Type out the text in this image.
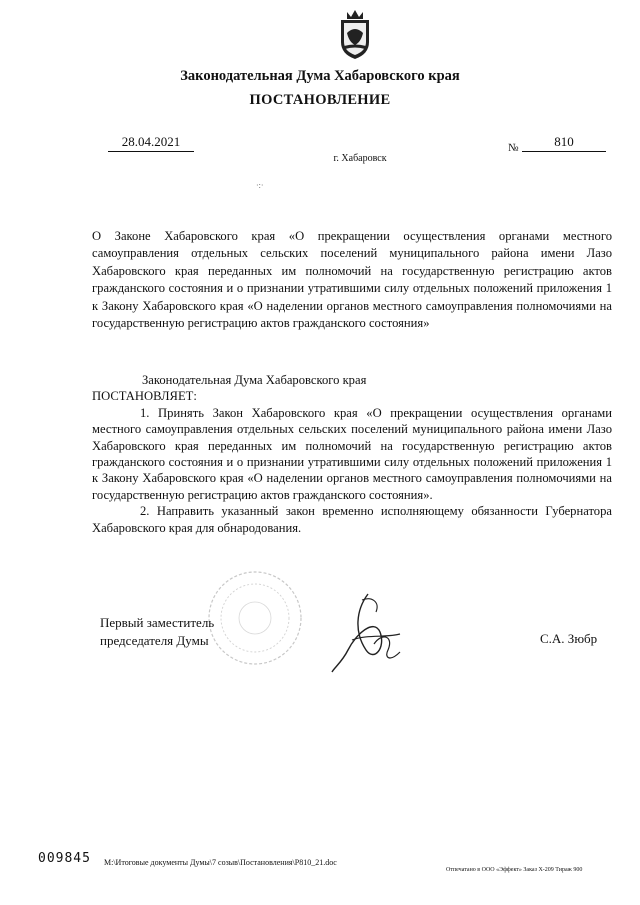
Законодательная Дума Хабаровского края
ПОСТАНОВЛЕНИЕ
28.04.2021	№	810
г. Хабаровск
·:·
О Законе Хабаровского края «О прекращении осуществления органами местного самоуправления отдельных сельских поселений муниципального района имени Лазо Хабаровского края переданных им полномочий на государственную регистрацию актов гражданского состояния и о признании утратившими силу отдельных положений приложения 1 к Закону Хабаровского края «О наделении органов местного самоуправления полномочиями на государственную регистрацию актов гражданского состояния»
Законодательная Дума Хабаровского края
ПОСТАНОВЛЯЕТ:

1. Принять Закон Хабаровского края «О прекращении осуществления органами местного самоуправления отдельных сельских поселений муниципального района имени Лазо Хабаровского края переданных им полномочий на государственную регистрацию актов гражданского состояния и о признании утратившими силу отдельных положений приложения 1 к Закону Хабаровского края «О наделении органов местного самоуправления полномочиями на государственную регистрацию актов гражданского состояния».

2. Направить указанный закон временно исполняющему обязанности Губернатора Хабаровского края для обнародования.

Первый заместитель
председателя Думы	С.А. Зюбр
009845 М:\Итоговые документы Думы\7 созыв\Постановления\Р810_21.doc
Отпечатано в ООО «Эффект» Заказ Х-209 Тираж 900
